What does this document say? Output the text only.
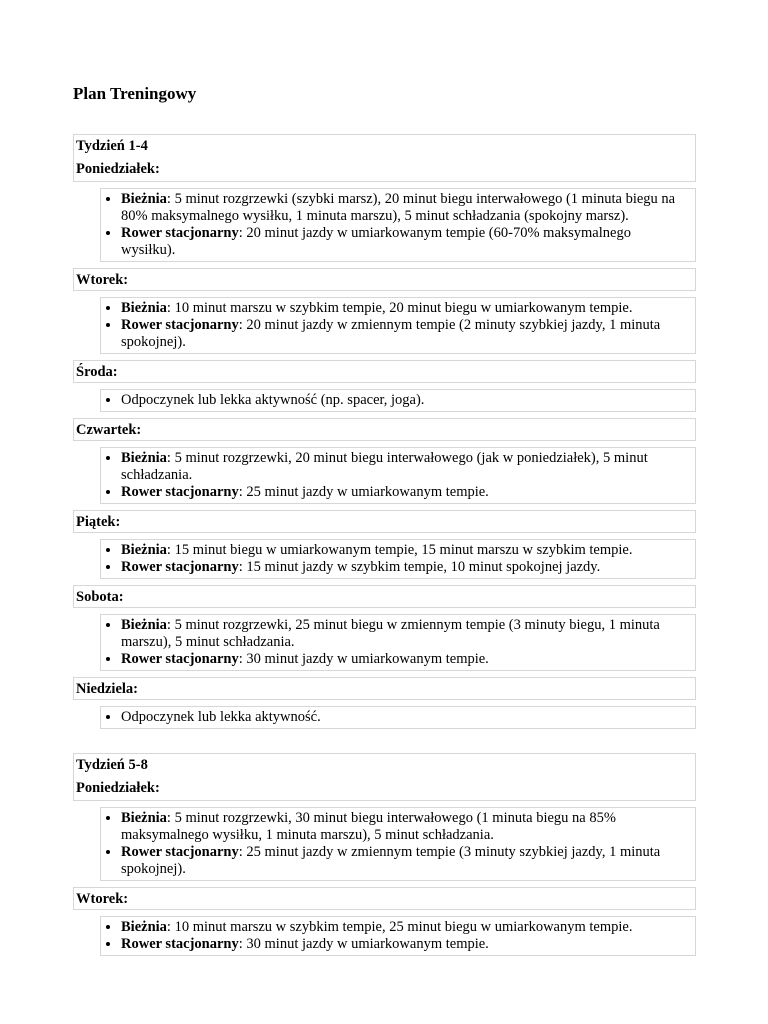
Plan Treningowy
Tydzień 1-4
Poniedziałek:
• Bieżnia: 5 minut rozgrzewki (szybki marsz), 20 minut biegu interwałowego (1 minuta biegu na 80% maksymalnego wysiłku, 1 minuta marszu), 5 minut schładzania (spokojny marsz).
• Rower stacjonarny: 20 minut jazdy w umiarkowanym tempie (60-70% maksymalnego wysiłku).
Wtorek:
• Bieżnia: 10 minut marszu w szybkim tempie, 20 minut biegu w umiarkowanym tempie.
• Rower stacjonarny: 20 minut jazdy w zmiennym tempie (2 minuty szybkiej jazdy, 1 minuta spokojnej).
Środa:
• Odpoczynek lub lekka aktywność (np. spacer, joga).
Czwartek:
• Bieżnia: 5 minut rozgrzewki, 20 minut biegu interwałowego (jak w poniedziałek), 5 minut schładzania.
• Rower stacjonarny: 25 minut jazdy w umiarkowanym tempie.
Piątek:
• Bieżnia: 15 minut biegu w umiarkowanym tempie, 15 minut marszu w szybkim tempie.
• Rower stacjonarny: 15 minut jazdy w szybkim tempie, 10 minut spokojnej jazdy.
Sobota:
• Bieżnia: 5 minut rozgrzewki, 25 minut biegu w zmiennym tempie (3 minuty biegu, 1 minuta marszu), 5 minut schładzania.
• Rower stacjonarny: 30 minut jazdy w umiarkowanym tempie.
Niedziela:
• Odpoczynek lub lekka aktywność.
Tydzień 5-8
Poniedziałek:
• Bieżnia: 5 minut rozgrzewki, 30 minut biegu interwałowego (1 minuta biegu na 85% maksymalnego wysiłku, 1 minuta marszu), 5 minut schładzania.
• Rower stacjonarny: 25 minut jazdy w zmiennym tempie (3 minuty szybkiej jazdy, 1 minuta spokojnej).
Wtorek:
• Bieżnia: 10 minut marszu w szybkim tempie, 25 minut biegu w umiarkowanym tempie.
• Rower stacjonarny: 30 minut jazdy w umiarkowanym tempie.
